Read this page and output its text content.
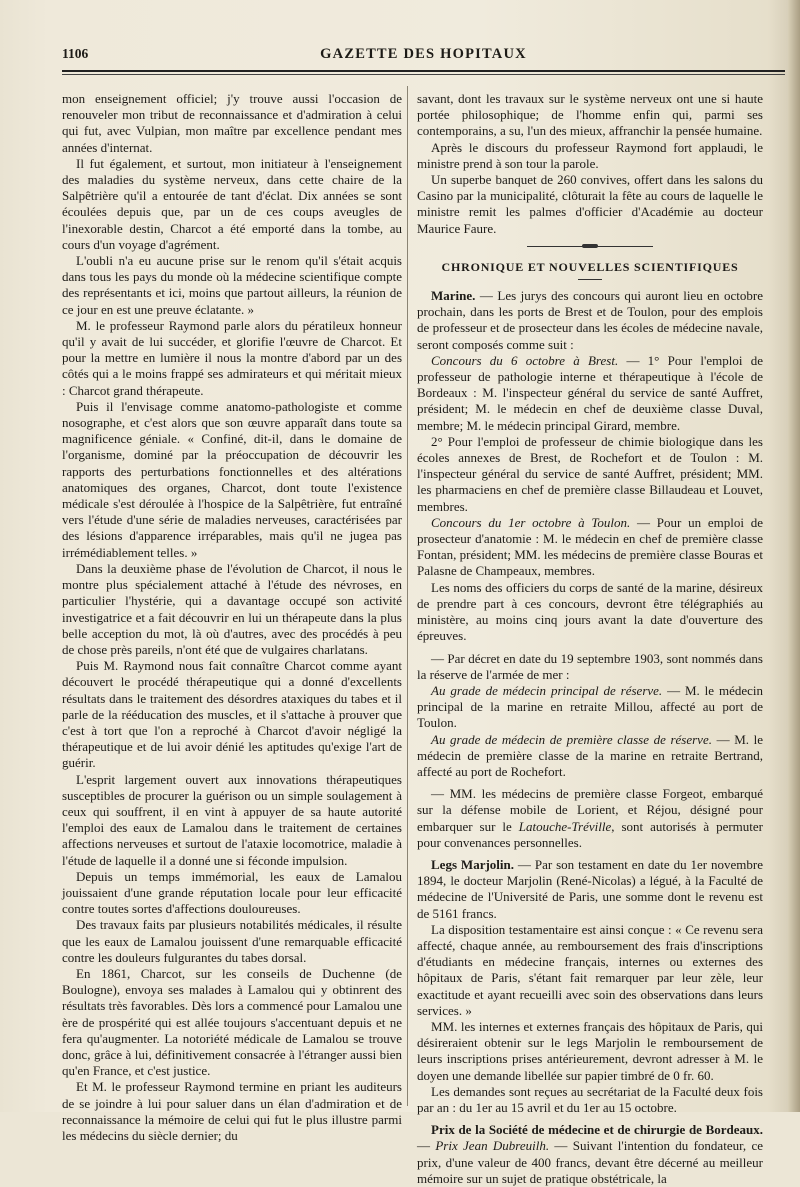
1106	GAZETTE DES HOPITAUX

mon enseignement officiel; j'y trouve aussi l'occasion de renouveler mon tribut de reconnaissance et d'admiration à celui qui fut, avec Vulpian, mon maître par excellence pendant mes années d'internat.

Il fut également, et surtout, mon initiateur à l'enseignement des maladies du système nerveux, dans cette chaire de la Salpêtrière qu'il a entourée de tant d'éclat. Dix années se sont écoulées depuis que, par un de ces coups aveugles de l'inexorable destin, Charcot a été emporté dans la tombe, au cours d'un voyage d'agrément.

L'oubli n'a eu aucune prise sur le renom qu'il s'était acquis dans tous les pays du monde où la médecine scientifique compte des représentants et ici, moins que partout ailleurs, la réunion de ce jour en est une preuve éclatante. »

M. le professeur Raymond parle alors du pératileux honneur qu'il y avait de lui succéder, et glorifie l'œuvre de Charcot. Et pour la mettre en lumière il nous la montre d'abord par un des côtés qui a le moins frappé ses admirateurs et qui méritait mieux : Charcot grand thérapeute.

Puis il l'envisage comme anatomo-pathologiste et comme nosographe, et c'est alors que son œuvre apparaît dans toute sa magnificence géniale. « Confiné, dit-il, dans le domaine de l'organisme, dominé par la préoccupation de découvrir les rapports des perturbations fonctionnelles et des altérations anatomiques des organes, Charcot, dont toute l'existence médicale s'est déroulée à l'hospice de la Salpêtrière, fut entraîné vers l'étude d'une série de maladies nerveuses, caractérisées par des lésions d'apparence irréparables, mais qu'il ne jugea pas irrémédiablement telles. »

Dans la deuxième phase de l'évolution de Charcot, il nous le montre plus spécialement attaché à l'étude des névroses, en particulier l'hystérie, qui a davantage occupé son activité investigatrice et a fait découvrir en lui un thérapeute dans la plus belle acception du mot, là où d'autres, avec des procédés à peu de chose près pareils, n'ont été que de vulgaires charlatans.

Puis M. Raymond nous fait connaître Charcot comme ayant découvert le procédé thérapeutique qui a donné d'excellents résultats dans le traitement des désordres ataxiques du tabes et il parle de la rééducation des muscles, et il s'attache à prouver que c'est à tort que l'on a reproché à Charcot d'avoir négligé la thérapeutique et de lui avoir dénié les aptitudes qu'exige l'art de guérir.

L'esprit largement ouvert aux innovations thérapeutiques susceptibles de procurer la guérison ou un simple soulagement à ceux qui souffrent, il en vint à appuyer de sa haute autorité l'emploi des eaux de Lamalou dans le traitement de certaines affections nerveuses et surtout de l'ataxie locomotrice, maladie à l'étude de laquelle il a donné une si féconde impulsion.

Depuis un temps immémorial, les eaux de Lamalou jouissaient d'une grande réputation locale pour leur efficacité contre toutes sortes d'affections douloureuses.

Des travaux faits par plusieurs notabilités médicales, il résulte que les eaux de Lamalou jouissent d'une remarquable efficacité contre les douleurs fulgurantes du tabes dorsal.

En 1861, Charcot, sur les conseils de Duchenne (de Boulogne), envoya ses malades à Lamalou qui y obtinrent des résultats très favorables. Dès lors a commencé pour Lamalou une ère de prospérité qui est allée toujours s'accentuant depuis et ne fera qu'augmenter. La notoriété médicale de Lamalou se trouve donc, grâce à lui, définitivement consacrée à l'étranger aussi bien qu'en France, et c'est justice.

Et M. le professeur Raymond termine en priant les auditeurs de se joindre à lui pour saluer dans un élan d'admiration et de reconnaissance la mémoire de celui qui fut le plus illustre parmi les médecins du siècle dernier; du

savant, dont les travaux sur le système nerveux ont une si haute portée philosophique; de l'homme enfin qui, parmi ses contemporains, a su, l'un des mieux, affranchir la pensée humaine.

Après le discours du professeur Raymond fort applaudi, le ministre prend à son tour la parole.

Un superbe banquet de 260 convives, offert dans les salons du Casino par la municipalité, clôturait la fête au cours de laquelle le ministre remit les palmes d'officier d'Académie au docteur Maurice Faure.

CHRONIQUE ET NOUVELLES SCIENTIFIQUES

Marine. — Les jurys des concours qui auront lieu en octobre prochain, dans les ports de Brest et de Toulon, pour des emplois de professeur et de prosecteur dans les écoles de médecine navale, seront composés comme suit :

Concours du 6 octobre à Brest. — 1° Pour l'emploi de professeur de pathologie interne et thérapeutique à l'école de Bordeaux : M. l'inspecteur général du service de santé Auffret, président; M. le médecin en chef de deuxième classe Duval, membre; M. le médecin principal Girard, membre.

2° Pour l'emploi de professeur de chimie biologique dans les écoles annexes de Brest, de Rochefort et de Toulon : M. l'inspecteur général du service de santé Auffret, président; MM. les pharmaciens en chef de première classe Billaudeau et Louvet, membres.

Concours du 1er octobre à Toulon. — Pour un emploi de prosecteur d'anatomie : M. le médecin en chef de première classe Fontan, président; MM. les médecins de première classe Bouras et Palasne de Champeaux, membres.

Les noms des officiers du corps de santé de la marine, désireux de prendre part à ces concours, devront être télégraphiés au ministère, au moins cinq jours avant la date d'ouverture des épreuves.

— Par décret en date du 19 septembre 1903, sont nommés dans la réserve de l'armée de mer :

Au grade de médecin principal de réserve. — M. le médecin principal de la marine en retraite Millou, affecté au port de Toulon.

Au grade de médecin de première classe de réserve. — M. le médecin de première classe de la marine en retraite Bertrand, affecté au port de Rochefort.

— MM. les médecins de première classe Forgeot, embarqué sur la défense mobile de Lorient, et Réjou, désigné pour embarquer sur le Latouche-Tréville, sont autorisés à permuter pour convenances personnelles.

Legs Marjolin. — Par son testament en date du 1er novembre 1894, le docteur Marjolin (René-Nicolas) a légué, à la Faculté de médecine de l'Université de Paris, une somme dont le revenu est de 5161 francs.

La disposition testamentaire est ainsi conçue : « Ce revenu sera affecté, chaque année, au remboursement des frais d'inscriptions d'étudiants en médecine français, internes ou externes des hôpitaux de Paris, s'étant fait remarquer par leur zèle, leur exactitude et ayant recueilli avec soin des observations dans leurs services. »

MM. les internes et externes français des hôpitaux de Paris, qui désireraient obtenir sur le legs Marjolin le remboursement de leurs inscriptions prises antérieurement, devront adresser à M. le doyen une demande libellée sur papier timbré de 0 fr. 60.

Les demandes sont reçues au secrétariat de la Faculté deux fois par an : du 1er au 15 avril et du 1er au 15 octobre.

Prix de la Société de médecine et de chirurgie de Bordeaux. — Prix Jean Dubreuilh. — Suivant l'intention du fondateur, ce prix, d'une valeur de 400 francs, devant être décerné au meilleur mémoire sur un sujet de pratique obstétricale, la
